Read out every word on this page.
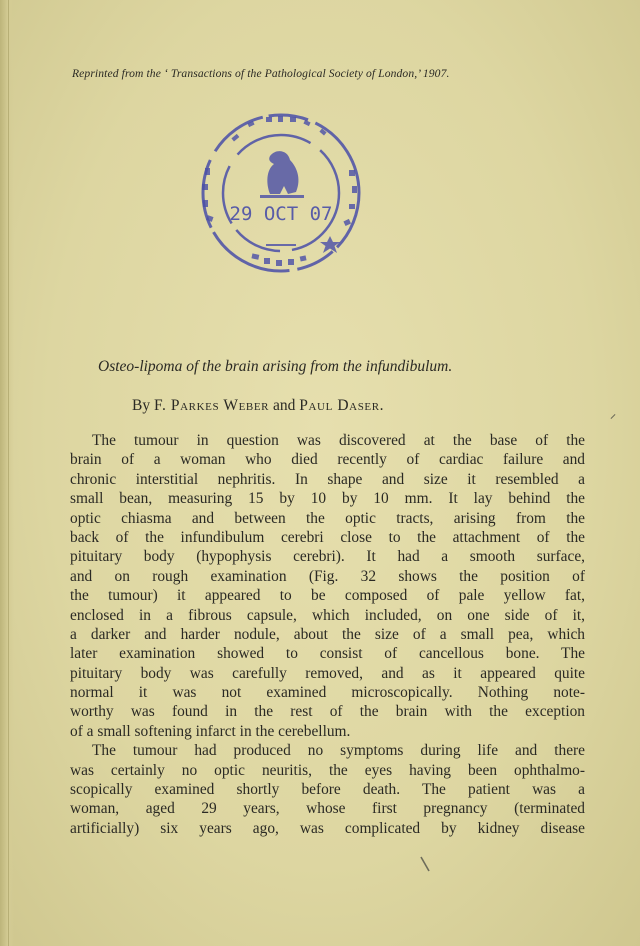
Reprinted from the ‘ Transactions of the Pathological Society of London,’ 1907.
29 OCT 07
Osteo-lipoma of the brain arising from the infundibulum.
By F. Parkes Weber and Paul Daser.
The tumour in question was discovered at the base of the
brain of a woman who died recently of cardiac failure and
chronic interstitial nephritis. In shape and size it resembled a
small bean, measuring 15 by 10 by 10 mm. It lay behind the
optic chiasma and between the optic tracts, arising from the
back of the infundibulum cerebri close to the attachment of the
pituitary body (hypophysis cerebri). It had a smooth surface,
and on rough examination (Fig. 32 shows the position of
the tumour) it appeared to be composed of pale yellow fat,
enclosed in a fibrous capsule, which included, on one side of it,
a darker and harder nodule, about the size of a small pea, which
later examination showed to consist of cancellous bone. The
pituitary body was carefully removed, and as it appeared quite
normal it was not examined microscopically. Nothing note-
worthy was found in the rest of the brain with the exception
of a small softening infarct in the cerebellum.
The tumour had produced no symptoms during life and there
was certainly no optic neuritis, the eyes having been ophthalmo-
scopically examined shortly before death. The patient was a
woman, aged 29 years, whose first pregnancy (terminated
artificially) six years ago, was complicated by kidney disease
